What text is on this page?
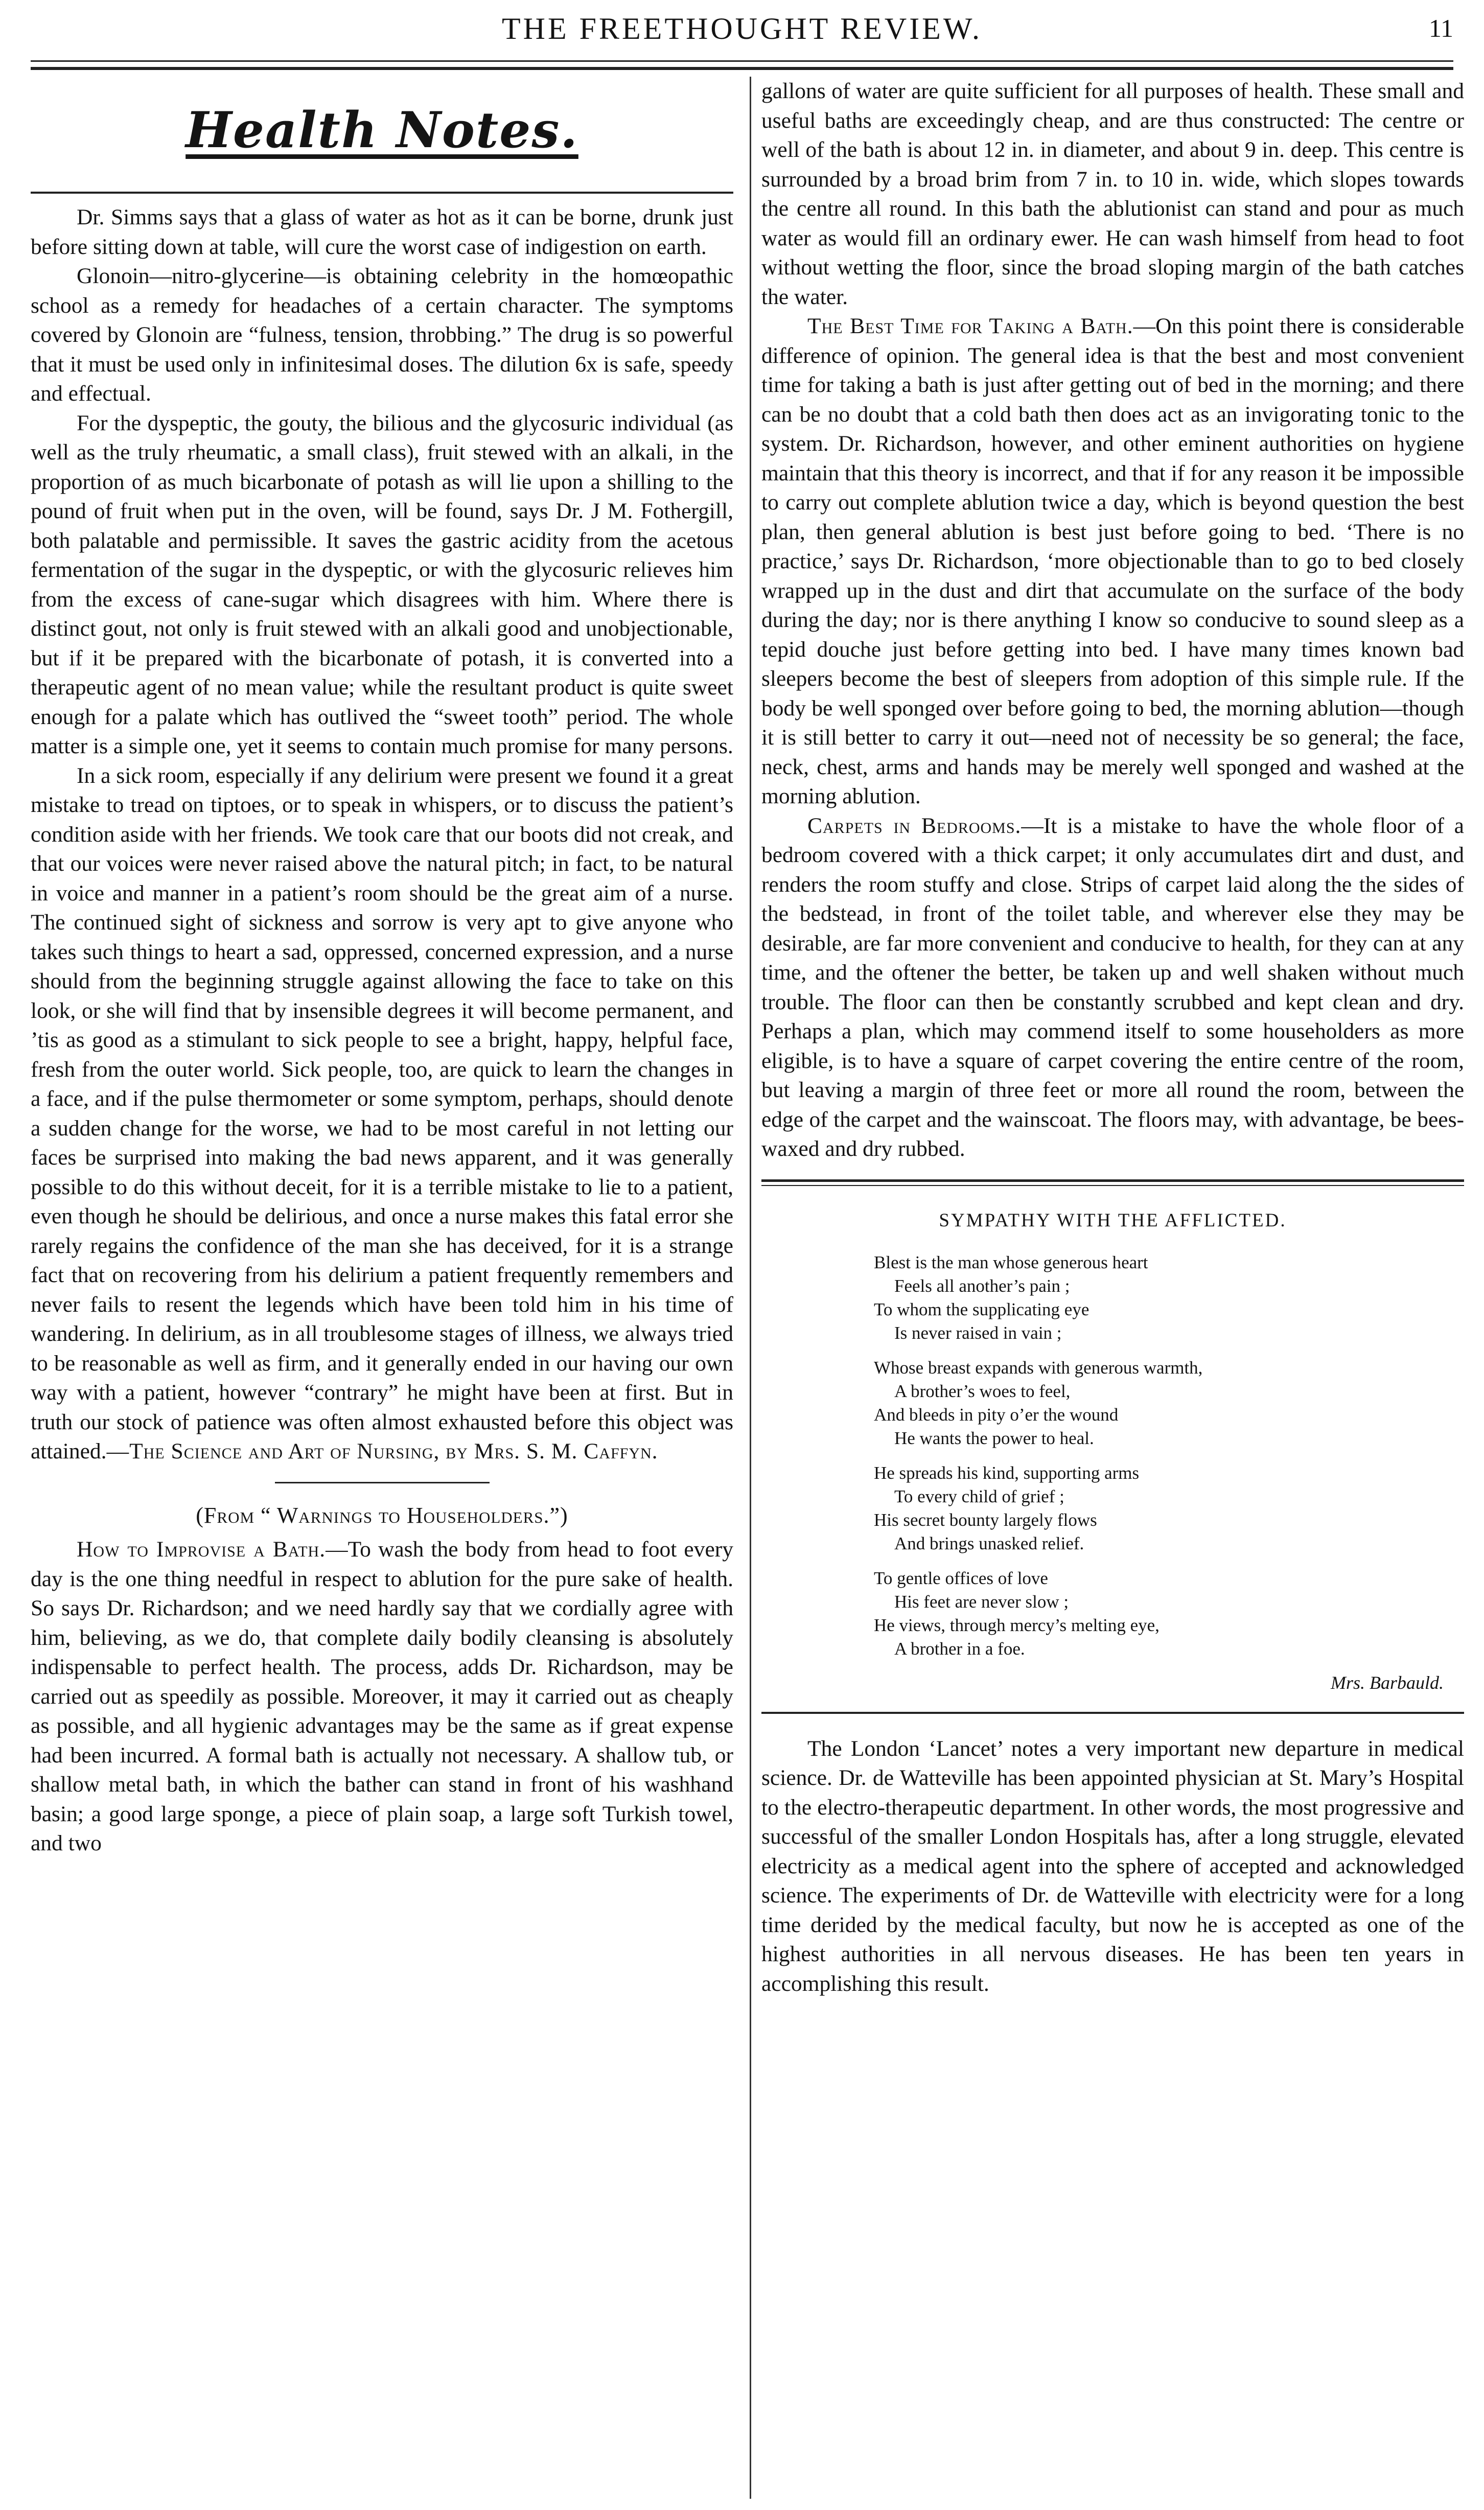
THE FREETHOUGHT REVIEW.	11
Health Notes.

Dr. Simms says that a glass of water as hot as it can be borne, drunk just before sitting down at table, will cure the worst case of indigestion on earth.

Glonoin—nitro-glycerine—is obtaining celebrity in the homœopathic school as a remedy for headaches of a certain character. The symptoms covered by Glonoin are “fulness, tension, throbbing.” The drug is so powerful that it must be used only in infinitesimal doses. The dilution 6x is safe, speedy and effectual.

For the dyspeptic, the gouty, the bilious and the glycosuric individual (as well as the truly rheumatic, a small class), fruit stewed with an alkali, in the proportion of as much bicarbonate of potash as will lie upon a shilling to the pound of fruit when put in the oven, will be found, says Dr. J M. Fothergill, both palatable and permissible. It saves the gastric acidity from the acetous fermentation of the sugar in the dyspeptic, or with the glycosuric relieves him from the excess of cane-sugar which disagrees with him. Where there is distinct gout, not only is fruit stewed with an alkali good and unobjectionable, but if it be prepared with the bicarbonate of potash, it is converted into a therapeutic agent of no mean value; while the resultant product is quite sweet enough for a palate which has outlived the “sweet tooth” period. The whole matter is a simple one, yet it seems to contain much promise for many persons.

In a sick room, especially if any delirium were present we found it a great mistake to tread on tiptoes, or to speak in whispers, or to discuss the patient’s condition aside with her friends. We took care that our boots did not creak, and that our voices were never raised above the natural pitch; in fact, to be natural in voice and manner in a patient’s room should be the great aim of a nurse. The continued sight of sickness and sorrow is very apt to give anyone who takes such things to heart a sad, oppressed, concerned expression, and a nurse should from the beginning struggle against allowing the face to take on this look, or she will find that by insensible degrees it will become permanent, and ’tis as good as a stimulant to sick people to see a bright, happy, helpful face, fresh from the outer world. Sick people, too, are quick to learn the changes in a face, and if the pulse thermometer or some symptom, perhaps, should denote a sudden change for the worse, we had to be most careful in not letting our faces be surprised into making the bad news apparent, and it was generally possible to do this without deceit, for it is a terrible mistake to lie to a patient, even though he should be delirious, and once a nurse makes this fatal error she rarely regains the confidence of the man she has deceived, for it is a strange fact that on recovering from his delirium a patient frequently remembers and never fails to resent the legends which have been told him in his time of wandering. In delirium, as in all troublesome stages of illness, we always tried to be reasonable as well as firm, and it generally ended in our having our own way with a patient, however “contrary” he might have been at first. But in truth our stock of patience was often almost exhausted before this object was attained.—The Science and Art of Nursing, by Mrs. S. M. Caffyn.

(From “ Warnings to Householders.”)

How to Improvise a Bath.—To wash the body from head to foot every day is the one thing needful in respect to ablution for the pure sake of health. So says Dr. Richardson; and we need hardly say that we cordially agree with him, believing, as we do, that complete daily bodily cleansing is absolutely indispensable to perfect health. The process, adds Dr. Richardson, may be carried out as speedily as possible. Moreover, it may it carried out as cheaply as possible, and all hygienic advantages may be the same as if great expense had been incurred. A formal bath is actually not necessary. A shallow tub, or shallow metal bath, in which the bather can stand in front of his washhand basin; a good large sponge, a piece of plain soap, a large soft Turkish towel, and two

gallons of water are quite sufficient for all purposes of health. These small and useful baths are exceedingly cheap, and are thus constructed: The centre or well of the bath is about 12 in. in diameter, and about 9 in. deep. This centre is surrounded by a broad brim from 7 in. to 10 in. wide, which slopes towards the centre all round. In this bath the ablutionist can stand and pour as much water as would fill an ordinary ewer. He can wash himself from head to foot without wetting the floor, since the broad sloping margin of the bath catches the water.

The Best Time for Taking a Bath.—On this point there is considerable difference of opinion. The general idea is that the best and most convenient time for taking a bath is just after getting out of bed in the morning; and there can be no doubt that a cold bath then does act as an invigorating tonic to the system. Dr. Richardson, however, and other eminent authorities on hygiene maintain that this theory is incorrect, and that if for any reason it be impossible to carry out complete ablution twice a day, which is beyond question the best plan, then general ablution is best just before going to bed. ‘There is no practice,’ says Dr. Richardson, ‘more objectionable than to go to bed closely wrapped up in the dust and dirt that accumulate on the surface of the body during the day; nor is there anything I know so conducive to sound sleep as a tepid douche just before getting into bed. I have many times known bad sleepers become the best of sleepers from adoption of this simple rule. If the body be well sponged over before going to bed, the morning ablution—though it is still better to carry it out—need not of necessity be so general; the face, neck, chest, arms and hands may be merely well sponged and washed at the morning ablution.

Carpets in Bedrooms.—It is a mistake to have the whole floor of a bedroom covered with a thick carpet; it only accumulates dirt and dust, and renders the room stuffy and close. Strips of carpet laid along the the sides of the bedstead, in front of the toilet table, and wherever else they may be desirable, are far more convenient and conducive to health, for they can at any time, and the oftener the better, be taken up and well shaken without much trouble. The floor can then be constantly scrubbed and kept clean and dry. Perhaps a plan, which may commend itself to some householders as more eligible, is to have a square of carpet covering the entire centre of the room, but leaving a margin of three feet or more all round the room, between the edge of the carpet and the wainscoat. The floors may, with advantage, be bees-waxed and dry rubbed.

SYMPATHY WITH THE AFFLICTED.
Blest is the man whose generous heart
Feels all another’s pain ;
To whom the supplicating eye
Is never raised in vain ;
Whose breast expands with generous warmth,
A brother’s woes to feel,
And bleeds in pity o’er the wound
He wants the power to heal.
He spreads his kind, supporting arms
To every child of grief ;
His secret bounty largely flows
And brings unasked relief.
To gentle offices of love
His feet are never slow ;
He views, through mercy’s melting eye,
A brother in a foe.
Mrs. Barbauld.

The London ‘Lancet’ notes a very important new departure in medical science. Dr. de Watteville has been appointed physician at St. Mary’s Hospital to the electro-therapeutic department. In other words, the most progressive and successful of the smaller London Hospitals has, after a long struggle, elevated electricity as a medical agent into the sphere of accepted and acknowledged science. The experiments of Dr. de Watteville with electricity were for a long time derided by the medical faculty, but now he is accepted as one of the highest authorities in all nervous diseases. He has been ten years in accomplishing this result.
